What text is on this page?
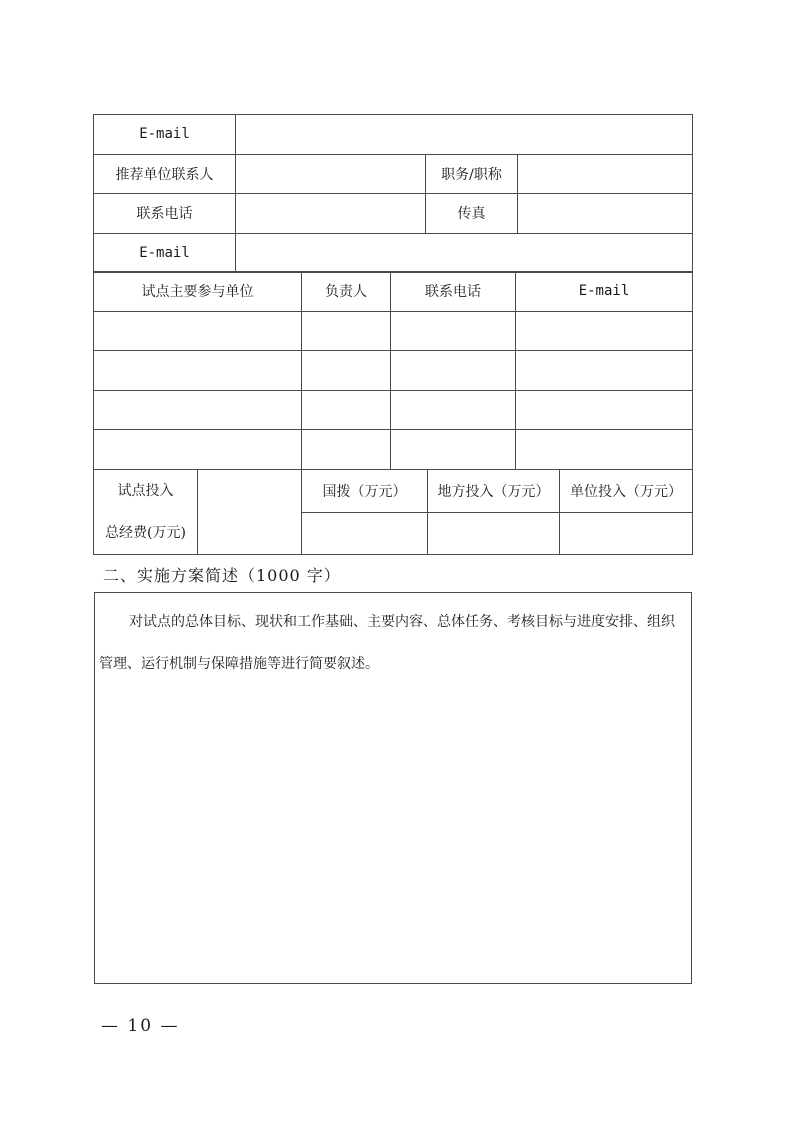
E-mail			
推荐单位联系人		职务/职称	
联系电话		传真	
E-mail			
试点主要参与单位	负责人	联系电话	E-mail

试点投入
总经费(万元)		国拨（万元）	地方投入（万元）	单位投入（万元）

二、实施方案简述（1000 字）

对试点的总体目标、现状和工作基础、主要内容、总体任务、考核目标与进度安排、组织管理、运行机制与保障措施等进行简要叙述。

— 10 —
